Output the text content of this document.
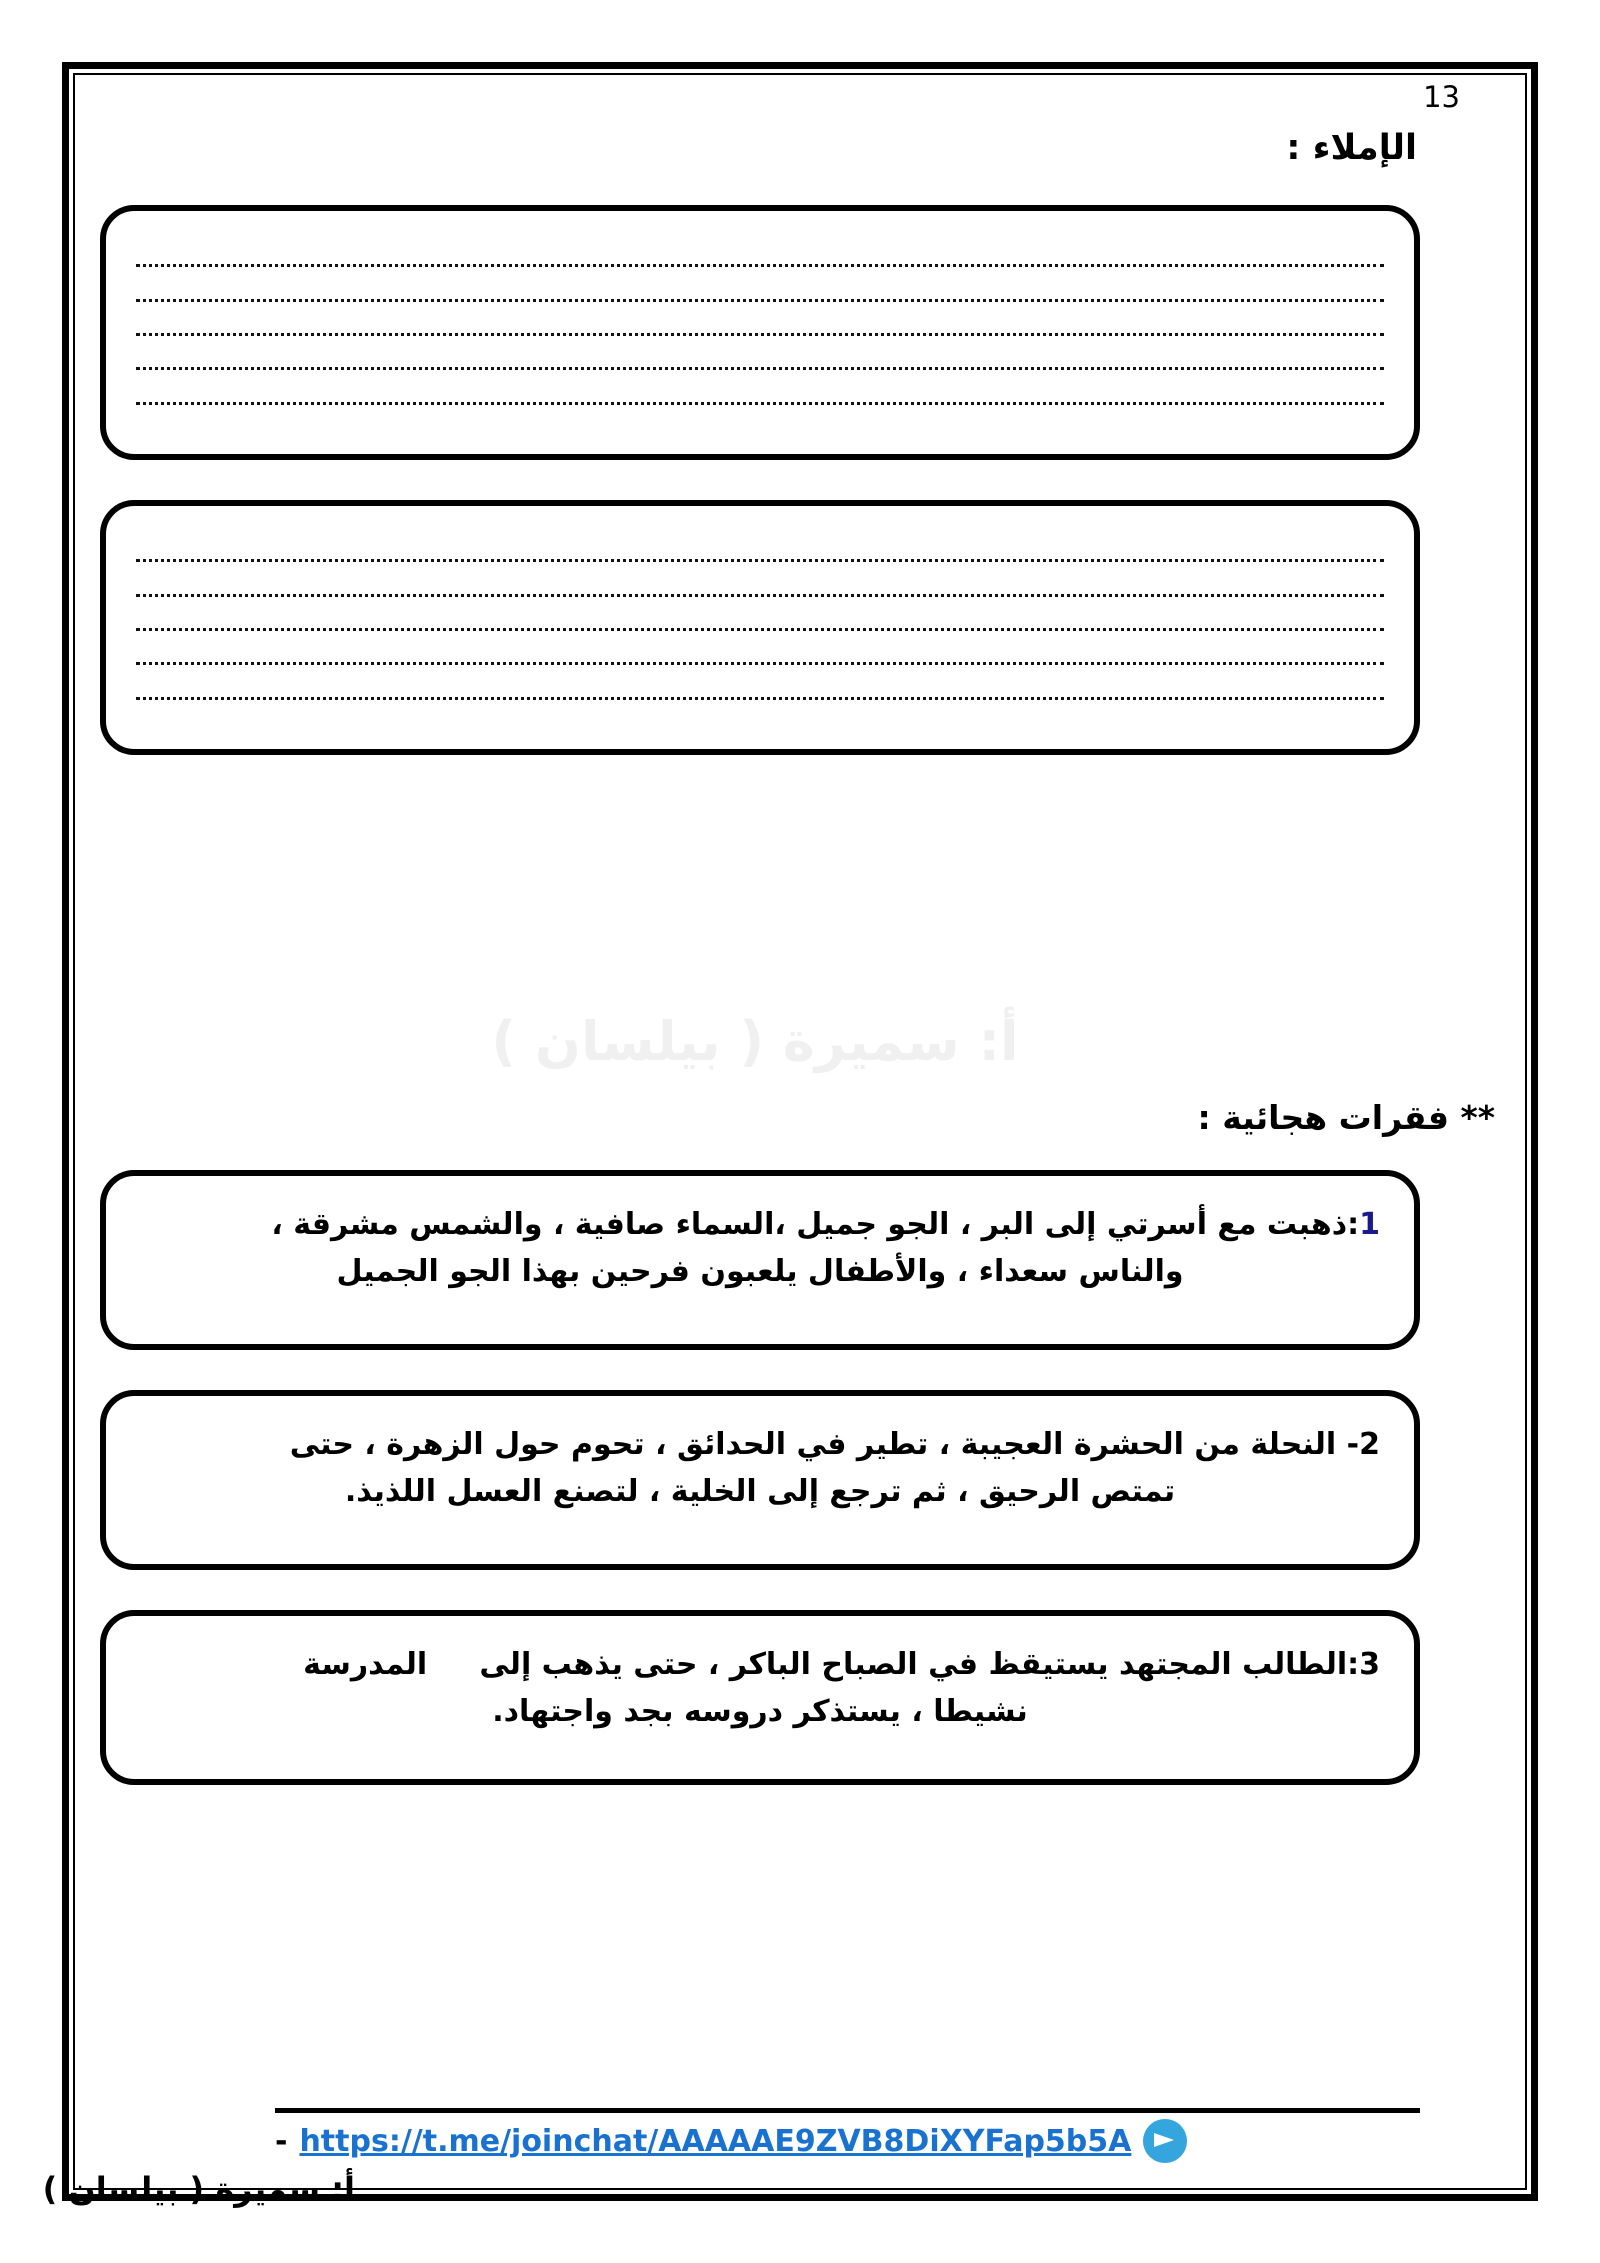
13
الإملاء :
أ: سميرة ( بيلسان )
** فقرات هجائية :
1:ذهبت مع أسرتي إلى البر ، الجو جميل ،السماء صافية ، والشمس مشرقة ،
والناس سعداء ، والأطفال يلعبون فرحين بهذا الجو الجميل
2- النحلة من الحشرة العجيبة ، تطير في الحدائق ، تحوم حول الزهرة ، حتى
تمتص الرحيق ، ثم ترجع إلى الخلية ، لتصنع العسل اللذيذ.
3:الطالب المجتهد يستيقظ في الصباح الباكر ، حتى يذهب إلى     المدرسة
نشيطا ، يستذكر دروسه بجد واجتهاد.
- https://t.me/joinchat/AAAAAE9ZVB8DiXYFap5b5A
أ: سميرة ( بيلسان )
